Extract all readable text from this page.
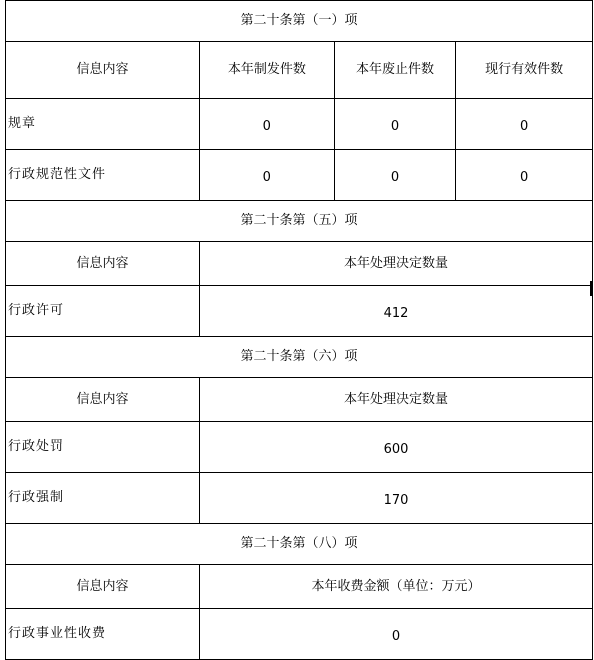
第二十条第（一）项			
信息内容	本年制发件数	本年废止件数	现行有效件数
规章	0	0	0
行政规范性文件	0	0	0
第二十条第（五）项			
信息内容	本年处理决定数量		
行政许可	412		
第二十条第（六）项			
信息内容	本年处理决定数量		
行政处罚	600		
行政强制	170		
第二十条第（八）项			
信息内容	本年收费金额（单位：万元）		
行政事业性收费	0		
